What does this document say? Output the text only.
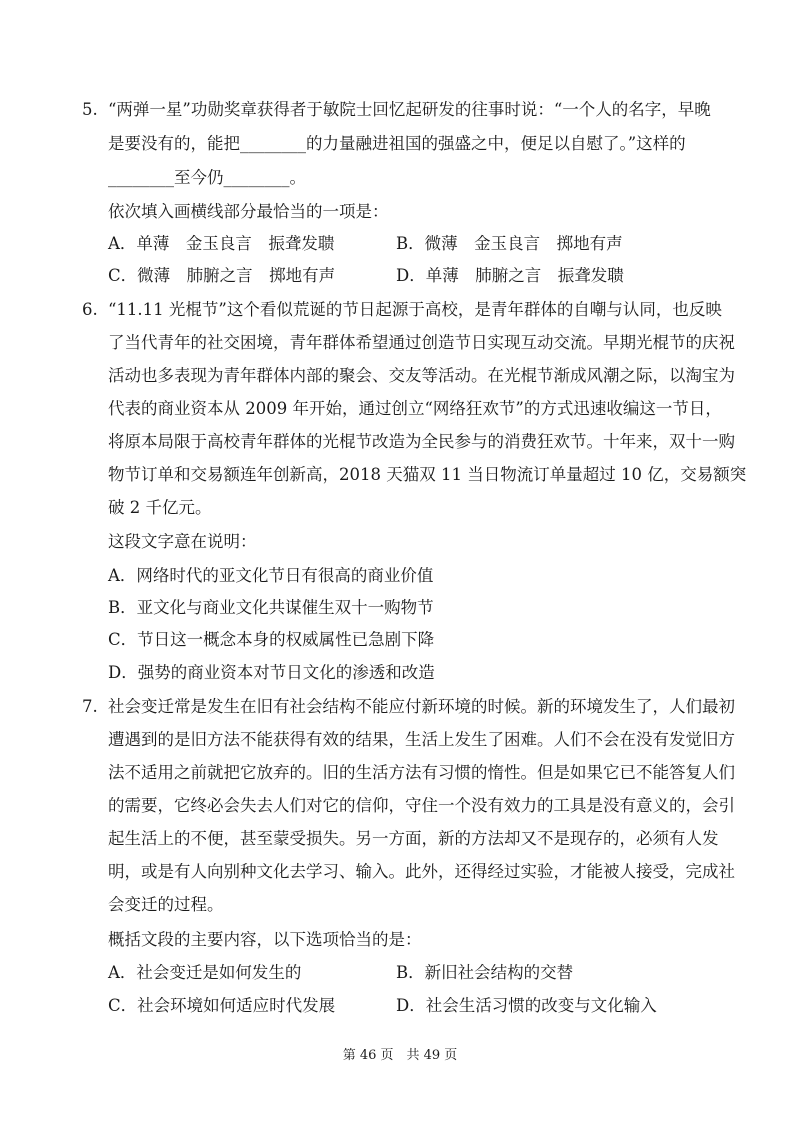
5. “两弹一星”功勋奖章获得者于敏院士回忆起研发的往事时说：“一个人的名字，早晚
是要没有的，能把________的力量融进祖国的强盛之中，便足以自慰了。”这样的
________至今仍________。
依次填入画横线部分最恰当的一项是：
A．单薄　金玉良言　振聋发聩	B．微薄　金玉良言　掷地有声
C．微薄　肺腑之言　掷地有声	D．单薄　肺腑之言　振聋发聩
6. “11.11 光棍节”这个看似荒诞的节日起源于高校，是青年群体的自嘲与认同，也反映
了当代青年的社交困境，青年群体希望通过创造节日实现互动交流。早期光棍节的庆祝
活动也多表现为青年群体内部的聚会、交友等活动。在光棍节渐成风潮之际，以淘宝为
代表的商业资本从 2009 年开始，通过创立“网络狂欢节”的方式迅速收编这一节日，
将原本局限于高校青年群体的光棍节改造为全民参与的消费狂欢节。十年来，双十一购
物节订单和交易额连年创新高，2018 天猫双 11 当日物流订单量超过 10 亿，交易额突
破 2 千亿元。
这段文字意在说明：
A．网络时代的亚文化节日有很高的商业价值
B．亚文化与商业文化共谋催生双十一购物节
C．节日这一概念本身的权威属性已急剧下降
D．强势的商业资本对节日文化的渗透和改造
7. 社会变迁常是发生在旧有社会结构不能应付新环境的时候。新的环境发生了，人们最初
遭遇到的是旧方法不能获得有效的结果，生活上发生了困难。人们不会在没有发觉旧方
法不适用之前就把它放弃的。旧的生活方法有习惯的惰性。但是如果它已不能答复人们
的需要，它终必会失去人们对它的信仰，守住一个没有效力的工具是没有意义的，会引
起生活上的不便，甚至蒙受损失。另一方面，新的方法却又不是现存的，必须有人发
明，或是有人向别种文化去学习、输入。此外，还得经过实验，才能被人接受，完成社
会变迁的过程。
概括文段的主要内容，以下选项恰当的是：
A．社会变迁是如何发生的	B．新旧社会结构的交替
C．社会环境如何适应时代发展	D．社会生活习惯的改变与文化输入
第 46 页　共 49 页
